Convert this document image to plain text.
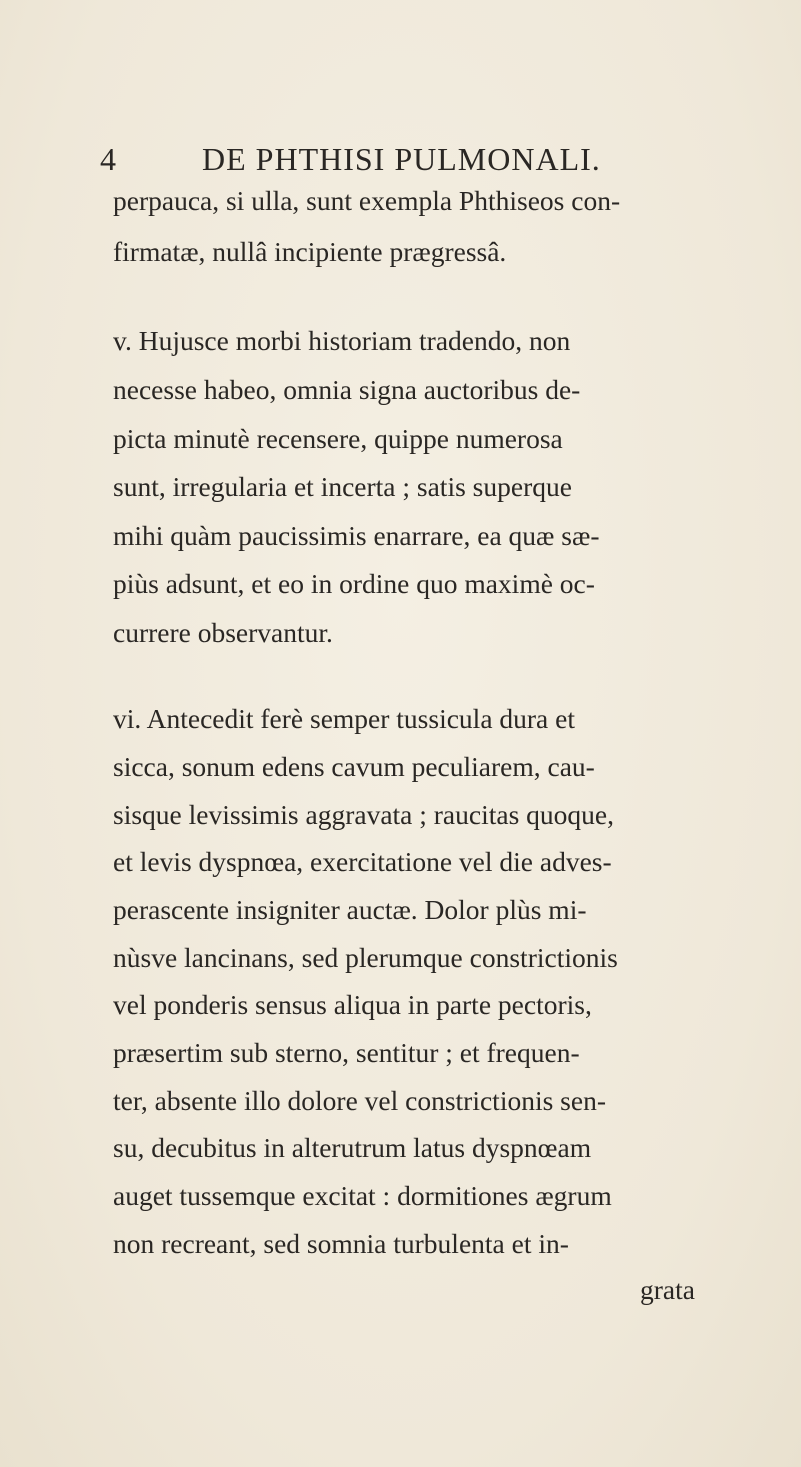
4	DE PHTHISI PULMONALI.
perpauca, si ulla, sunt exempla Phthiseos con-
firmatæ, nullâ incipiente prægressâ.
v. Hujusce morbi historiam tradendo, non
necesse habeo, omnia signa auctoribus de-
picta minutè recensere, quippe numerosa
sunt, irregularia et incerta ; satis superque
mihi quàm paucissimis enarrare, ea quæ sæ-
piùs adsunt, et eo in ordine quo maximè oc-
currere observantur.
vi. Antecedit ferè semper tussicula dura et
sicca, sonum edens cavum peculiarem, cau-
sisque levissimis aggravata ; raucitas quoque,
et levis dyspnœa, exercitatione vel die adves-
perascente insigniter auctæ. Dolor plùs mi-
nùsve lancinans, sed plerumque constrictionis
vel ponderis sensus aliqua in parte pectoris,
præsertim sub sterno, sentitur ; et frequen-
ter, absente illo dolore vel constrictionis sen-
su, decubitus in alterutrum latus dyspnœam
auget tussemque excitat : dormitiones ægrum
non recreant, sed somnia turbulenta et in-
grata
